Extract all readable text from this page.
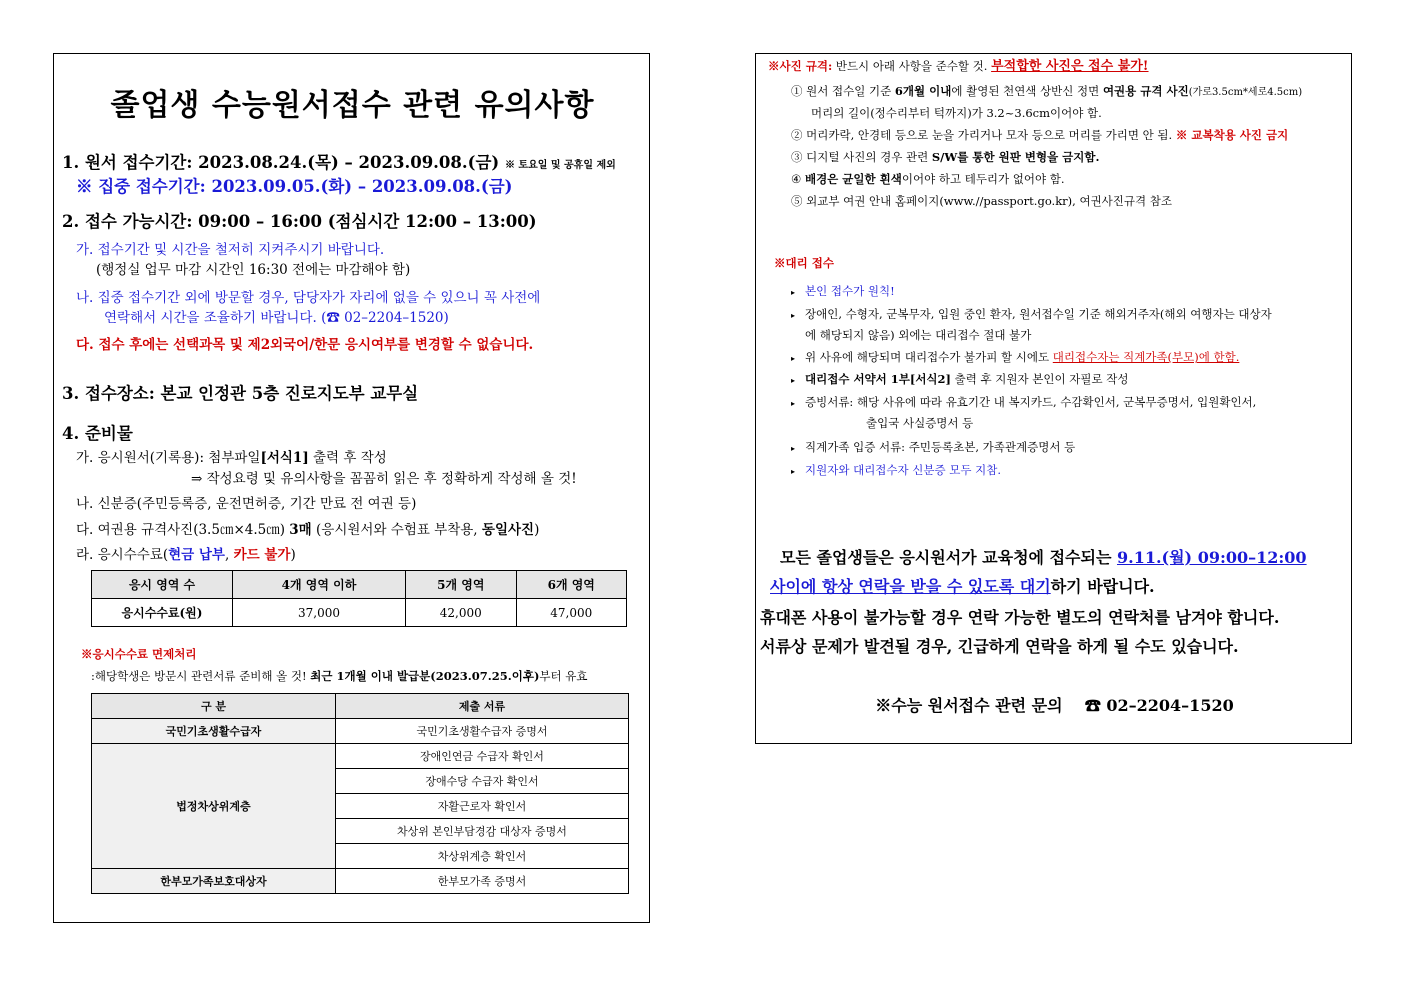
졸업생 수능원서접수 관련 유의사항
1. 원서 접수기간: 2023.08.24.(목) – 2023.09.08.(금) ※ 토요일 및 공휴일 제외
※ 집중 접수기간: 2023.09.05.(화) – 2023.09.08.(금)
2. 접수 가능시간: 09:00 – 16:00 (점심시간 12:00 – 13:00)
가. 접수기간 및 시간을 철저히 지켜주시기 바랍니다.
(행정실 업무 마감 시간인 16:30 전에는 마감해야 함)
나. 집중 접수기간 외에 방문할 경우, 담당자가 자리에 없을 수 있으니 꼭 사전에
연락해서 시간을 조율하기 바랍니다. (☎ 02–2204–1520)
다. 접수 후에는 선택과목 및 제2외국어/한문 응시여부를 변경할 수 없습니다.
3. 접수장소: 본교 인정관 5층 진로지도부 교무실
4. 준비물
가. 응시원서(기록용): 첨부파일[서식1] 출력 후 작성
⇒ 작성요령 및 유의사항을 꼼꼼히 읽은 후 정확하게 작성해 올 것!
나. 신분증(주민등록증, 운전면허증, 기간 만료 전 여권 등)
다. 여권용 규격사진(3.5㎝×4.5㎝) 3매 (응시원서와 수험표 부착용, 동일사진)
라. 응시수수료(현금 납부, 카드 불가)
응시 영역 수	4개 영역 이하	5개 영역	6개 영역
응시수수료(원)	37,000	42,000	47,000
※응시수수료 면제처리
:해당학생은 방문시 관련서류 준비해 올 것! 최근 1개월 이내 발급분(2023.07.25.이후)부터 유효
구 분	제출 서류
국민기초생활수급자	국민기초생활수급자 증명서
법정차상위계층	장애인연금 수급자 확인서
	장애수당 수급자 확인서
	자활근로자 확인서
	차상위 본인부담경감 대상자 증명서
	차상위계층 확인서
한부모가족보호대상자	한부모가족 증명서
※사진 규격: 반드시 아래 사항을 준수할 것. 부적합한 사진은 접수 불가!
① 원서 접수일 기준 6개월 이내에 촬영된 천연색 상반신 정면 여권용 규격 사진(가로3.5cm*세로4.5cm)
머리의 길이(정수리부터 턱까지)가 3.2~3.6cm이어야 함.
② 머리카락, 안경테 등으로 눈을 가리거나 모자 등으로 머리를 가리면 안 됨. ※ 교복착용 사진 금지
③ 디지털 사진의 경우 관련 S/W를 통한 원판 변형을 금지함.
④ 배경은 균일한 흰색이어야 하고 테두리가 없어야 함.
⑤ 외교부 여권 안내 홈페이지(www.//passport.go.kr), 여권사진규격 참조
※대리 접수
▸ 본인 접수가 원칙!
▸ 장애인, 수형자, 군복무자, 입원 중인 환자, 원서접수일 기준 해외거주자(해외 여행자는 대상자
에 해당되지 않음) 외에는 대리접수 절대 불가
▸ 위 사유에 해당되며 대리접수가 불가피 할 시에도 대리접수자는 직계가족(부모)에 한함.
▸ 대리접수 서약서 1부[서식2] 출력 후 지원자 본인이 자필로 작성
▸ 증빙서류: 해당 사유에 따라 유효기간 내 복지카드, 수감확인서, 군복무증명서, 입원확인서,
출입국 사실증명서 등
▸ 직계가족 입증 서류: 주민등록초본, 가족관계증명서 등
▸ 지원자와 대리접수자 신분증 모두 지참.
모든 졸업생들은 응시원서가 교육청에 접수되는 9.11.(월) 09:00–12:00
사이에 항상 연락을 받을 수 있도록 대기하기 바랍니다.
휴대폰 사용이 불가능할 경우 연락 가능한 별도의 연락처를 남겨야 합니다.
서류상 문제가 발견될 경우, 긴급하게 연락을 하게 될 수도 있습니다.
※수능 원서접수 관련 문의    ☎ 02–2204–1520
